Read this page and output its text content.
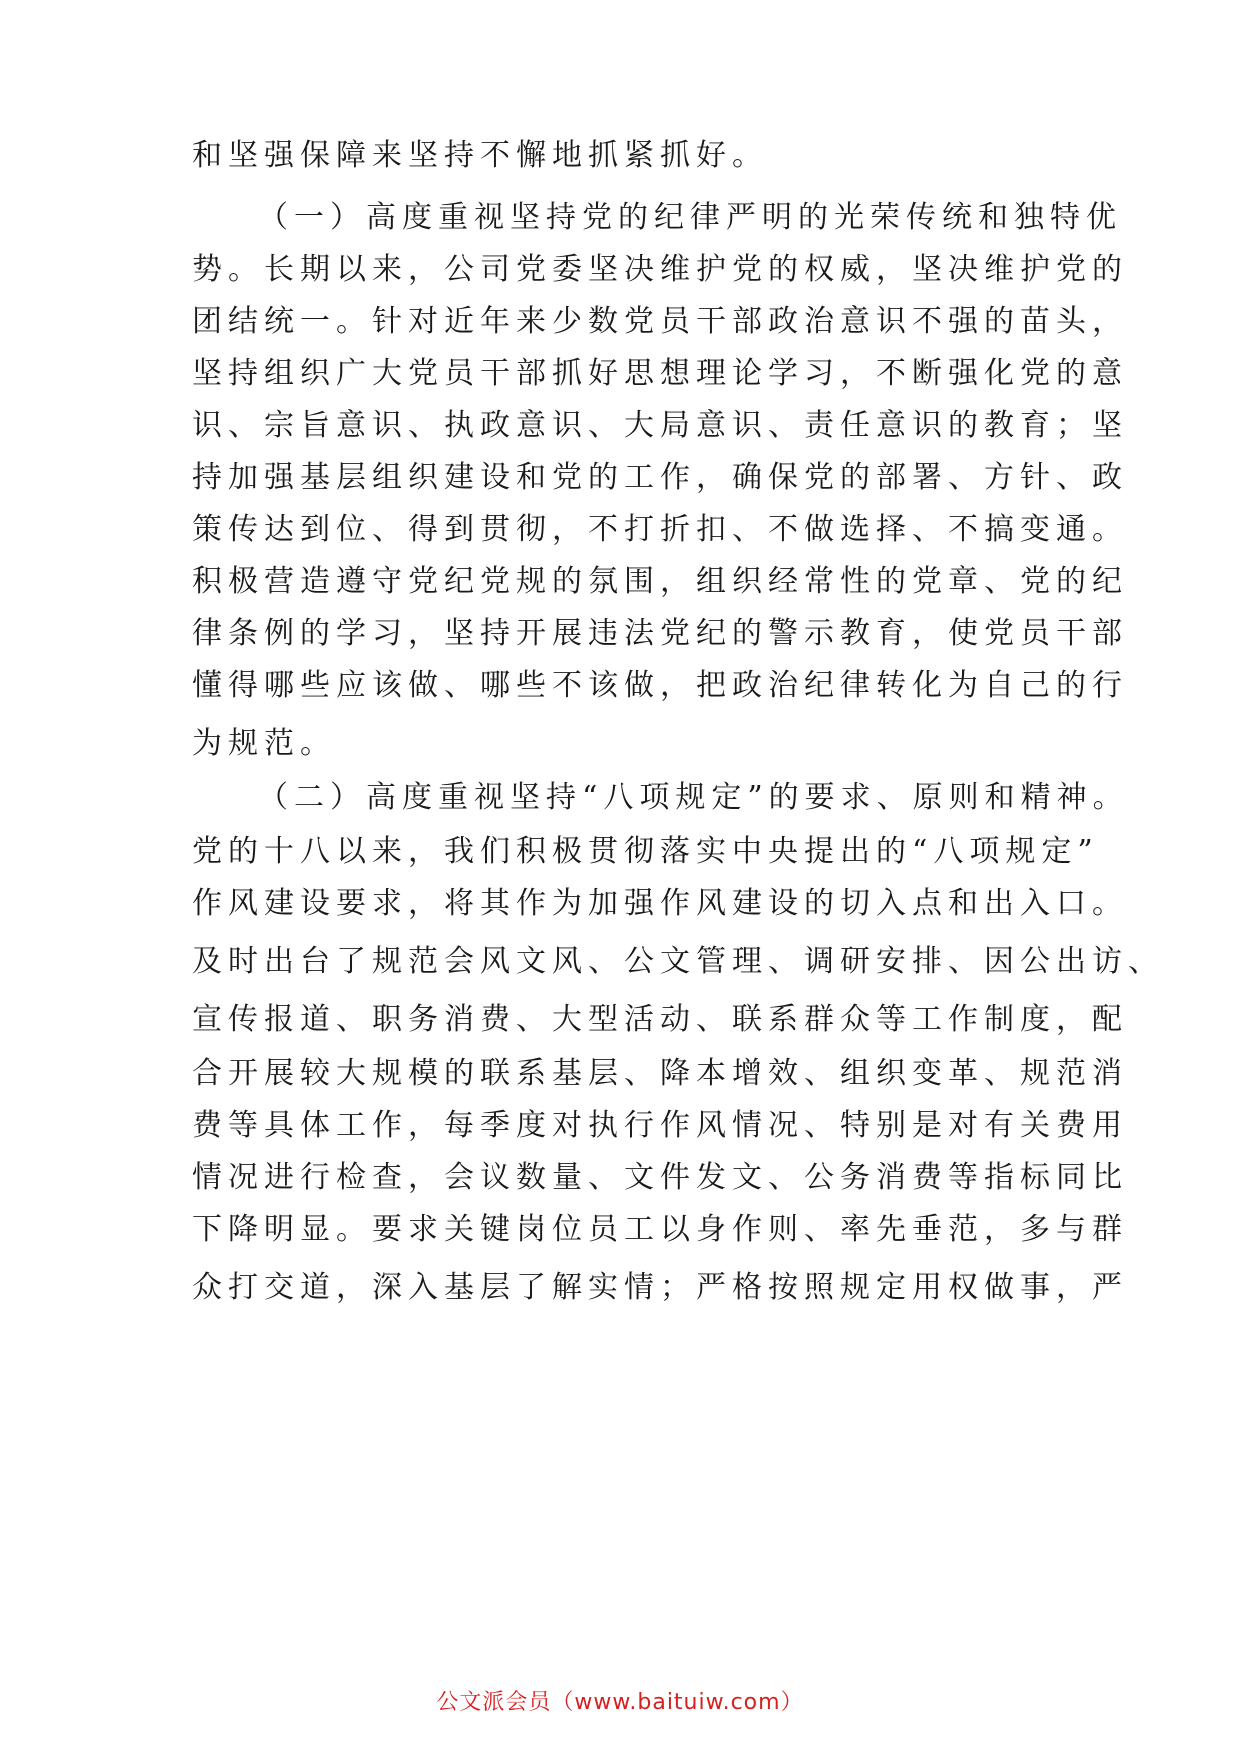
和坚强保障来坚持不懈地抓紧抓好。
（一）高度重视坚持党的纪律严明的光荣传统和独特优
势。长期以来，公司党委坚决维护党的权威，坚决维护党的
团结统一。针对近年来少数党员干部政治意识不强的苗头，
坚持组织广大党员干部抓好思想理论学习，不断强化党的意
识、宗旨意识、执政意识、大局意识、责任意识的教育；坚
持加强基层组织建设和党的工作，确保党的部署、方针、政
策传达到位、得到贯彻，不打折扣、不做选择、不搞变通。
积极营造遵守党纪党规的氛围，组织经常性的党章、党的纪
律条例的学习，坚持开展违法党纪的警示教育，使党员干部
懂得哪些应该做、哪些不该做，把政治纪律转化为自己的行
为规范。
（二）高度重视坚持“八项规定”的要求、原则和精神。
党的十八以来，我们积极贯彻落实中央提出的“八项规定”
作风建设要求，将其作为加强作风建设的切入点和出入口。
及时出台了规范会风文风、公文管理、调研安排、因公出访、
宣传报道、职务消费、大型活动、联系群众等工作制度，配
合开展较大规模的联系基层、降本增效、组织变革、规范消
费等具体工作，每季度对执行作风情况、特别是对有关费用
情况进行检查，会议数量、文件发文、公务消费等指标同比
下降明显。要求关键岗位员工以身作则、率先垂范，多与群
众打交道，深入基层了解实情；严格按照规定用权做事，严
公文派会员（www.baituiw.com）
